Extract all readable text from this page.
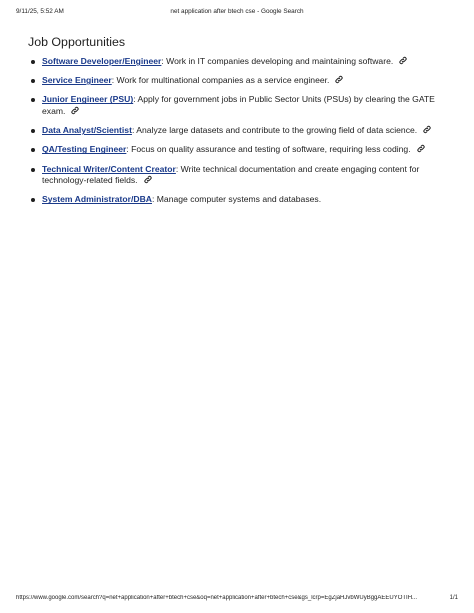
9/11/25, 5:52 AM	net application after btech cse - Google Search
Job Opportunities
Software Developer/Engineer: Work in IT companies developing and maintaining software.
Service Engineer: Work for multinational companies as a service engineer.
Junior Engineer (PSU): Apply for government jobs in Public Sector Units (PSUs) by clearing the GATE exam.
Data Analyst/Scientist: Analyze large datasets and contribute to the growing field of data science.
QA/Testing Engineer: Focus on quality assurance and testing of software, requiring less coding.
Technical Writer/Content Creator: Write technical documentation and create engaging content for technology-related fields.
System Administrator/DBA: Manage computer systems and databases.
https://www.google.com/search?q=net+application+after+btech+cse&oq=net+application+after+btech+cse&gs_lcrp=EgZjaHJvbWUyBggAEEUYOTIH...	1/1
